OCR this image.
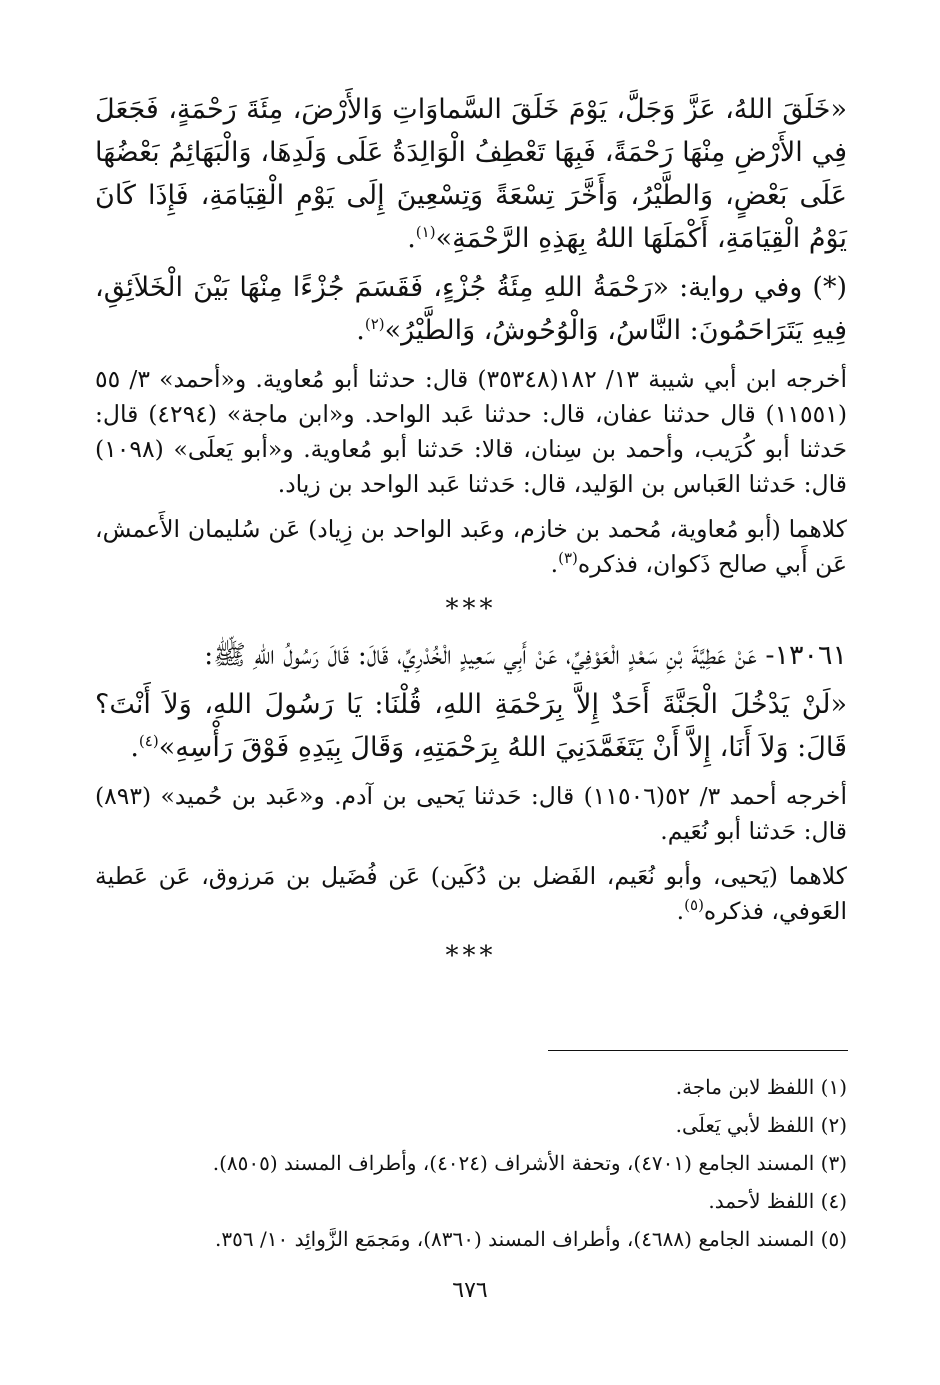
«خَلَقَ اللهُ، عَزَّ وَجَلَّ، يَوْمَ خَلَقَ السَّماوَاتِ وَالأَرْضَ، مِئَةَ رَحْمَةٍ، فَجَعَلَ فِي الأَرْضِ مِنْهَا رَحْمَةً، فَبِهَا تَعْطِفُ الْوَالِدَةُ عَلَى وَلَدِهَا، وَالْبَهَائِمُ بَعْضُهَا عَلَى بَعْضٍ، وَالطَّيْرُ، وَأَخَّرَ تِسْعَةً وَتِسْعِينَ إِلَى يَوْمِ الْقِيَامَةِ، فَإِذَا كَانَ يَوْمُ الْقِيَامَةِ، أَكْمَلَهَا اللهُ بِهَذِهِ الرَّحْمَةِ»$^{(١)}$.

(*) وفي رواية: «رَحْمَةُ اللهِ مِئَةُ جُزْءٍ، فَقَسَمَ جُزْءًا مِنْهَا بَيْنَ الْخَلاَئِقِ، فِيهِ يَتَرَاحَمُونَ: النَّاسُ، وَالْوُحُوشُ، وَالطَّيْرُ»$^{(٢)}$.

أخرجه ابن أبي شيبة ١٣/ ١٨٢(٣٥٣٤٨) قال: حدثنا أبو مُعاوية. و«أحمد» ٣/ ٥٥ (١١٥٥١) قال حدثنا عفان، قال: حدثنا عَبد الواحد. و«ابن ماجة» (٤٢٩٤) قال: حَدثنا أبو كُرَيب، وأحمد بن سِنان، قالا: حَدثنا أبو مُعاوية. و«أبو يَعلَى» (١٠٩٨) قال: حَدثنا العَباس بن الوَليد، قال: حَدثنا عَبد الواحد بن زياد.

كلاهما (أبو مُعاوية، مُحمد بن خازم، وعَبد الواحد بن زِياد) عَن سُليمان الأَعمش، عَن أَبي صالح ذَكوان، فذكره$^{(٣)}$.

***

١٣٠٦١- عَنْ عَطِيَّةَ بْنِ سَعْدٍ الْعَوْفِيِّ، عَنْ أَبِي سَعِيدٍ الْخُدْرِيِّ، قَالَ: قَالَ رَسُولُ اللهِ ﷺ:

«لَنْ يَدْخُلَ الْجَنَّةَ أَحَدٌ إِلاَّ بِرَحْمَةِ اللهِ، قُلْنَا: يَا رَسُولَ اللهِ، وَلاَ أَنْتَ؟ قَالَ: وَلاَ أَنَا، إِلاَّ أَنْ يَتَغَمَّدَنِيَ اللهُ بِرَحْمَتِهِ، وَقَالَ بِيَدِهِ فَوْقَ رَأْسِهِ»$^{(٤)}$.

أخرجه أحمد ٣/ ٥٢(١١٥٠٦) قال: حَدثنا يَحيى بن آدم. و«عَبد بن حُميد» (٨٩٣) قال: حَدثنا أبو نُعَيم.

كلاهما (يَحيى، وأبو نُعَيم، الفَضل بن دُكَين) عَن فُضَيل بن مَرزوق، عَن عَطية العَوفي، فذكره$^{(٥)}$.

***

(١) اللفظ لابن ماجة.

(٢) اللفظ لأبي يَعلَى.

(٣) المسند الجامع (٤٧٠١)، وتحفة الأشراف (٤٠٢٤)، وأطراف المسند (٨٥٠٥).

(٤) اللفظ لأحمد.

(٥) المسند الجامع (٤٦٨٨)، وأطراف المسند (٨٣٦٠)، ومَجمَع الزَّوائِد ١٠/ ٣٥٦.

٦٧٦
